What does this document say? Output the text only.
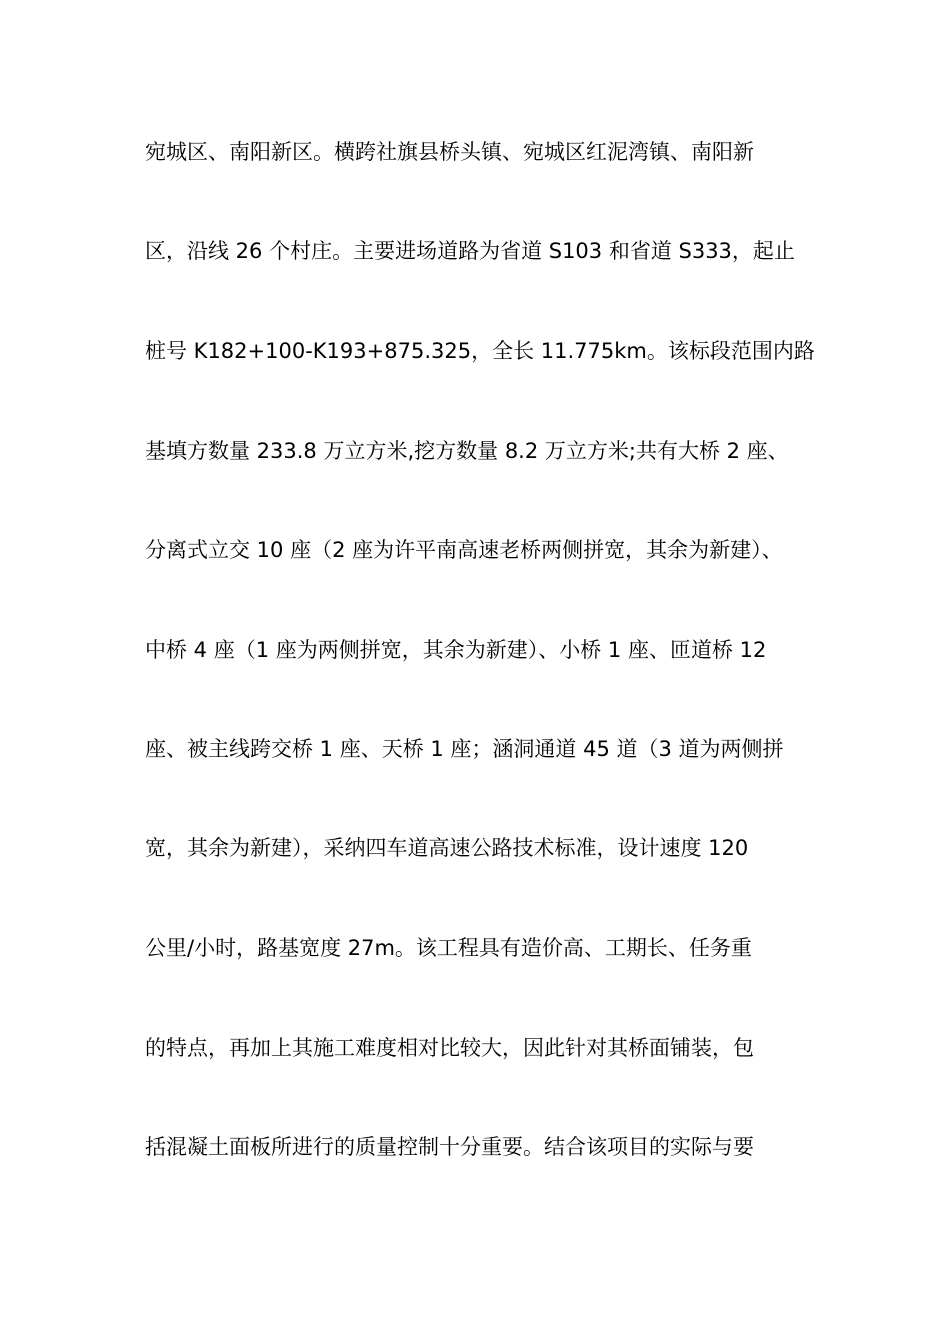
宛城区、南阳新区。横跨社旗县桥头镇、宛城区红泥湾镇、南阳新
区，沿线 26 个村庄。主要进场道路为省道 S103 和省道 S333，起止
桩号 K182+100-K193+875.325，全长 11.775km。该标段范围内路
基填方数量 233.8 万立方米,挖方数量 8.2 万立方米;共有大桥 2 座、
分离式立交 10 座（2 座为许平南高速老桥两侧拼宽，其余为新建）、
中桥 4 座（1 座为两侧拼宽，其余为新建）、小桥 1 座、匝道桥 12
座、被主线跨交桥 1 座、天桥 1 座；涵洞通道 45 道（3 道为两侧拼
宽，其余为新建），采纳四车道高速公路技术标准，设计速度 120
公里/小时，路基宽度 27m。该工程具有造价高、工期长、任务重
的特点，再加上其施工难度相对比较大，因此针对其桥面铺装，包
括混凝土面板所进行的质量控制十分重要。结合该项目的实际与要
